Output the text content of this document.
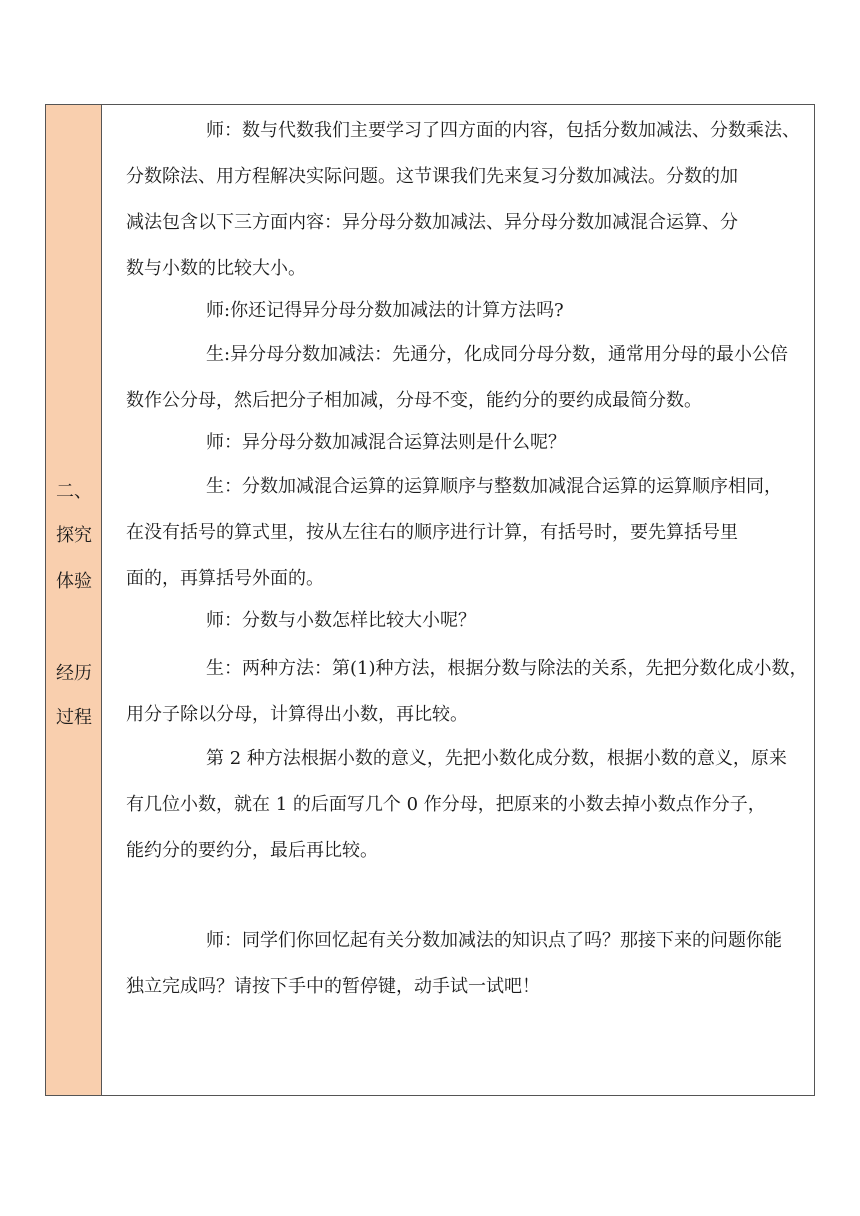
二、
探究
体验
经历
过程
师：数与代数我们主要学习了四方面的内容，包括分数加减法、分数乘法、
分数除法、用方程解决实际问题。这节课我们先来复习分数加减法。分数的加
减法包含以下三方面内容：异分母分数加减法、异分母分数加减混合运算、分
数与小数的比较大小。
师:你还记得异分母分数加减法的计算方法吗?
生:异分母分数加减法：先通分，化成同分母分数，通常用分母的最小公倍
数作公分母，然后把分子相加减，分母不变，能约分的要约成最简分数。
师：异分母分数加减混合运算法则是什么呢？
生：分数加减混合运算的运算顺序与整数加减混合运算的运算顺序相同，
在没有括号的算式里，按从左往右的顺序进行计算，有括号时，要先算括号里
面的，再算括号外面的。
师：分数与小数怎样比较大小呢？
生：两种方法：第(1)种方法，根据分数与除法的关系，先把分数化成小数，
用分子除以分母，计算得出小数，再比较。
第 2 种方法根据小数的意义，先把小数化成分数，根据小数的意义，原来
有几位小数，就在 1 的后面写几个 0 作分母，把原来的小数去掉小数点作分子，
能约分的要约分，最后再比较。
师：同学们你回忆起有关分数加减法的知识点了吗？那接下来的问题你能
独立完成吗？请按下手中的暂停键，动手试一试吧！
